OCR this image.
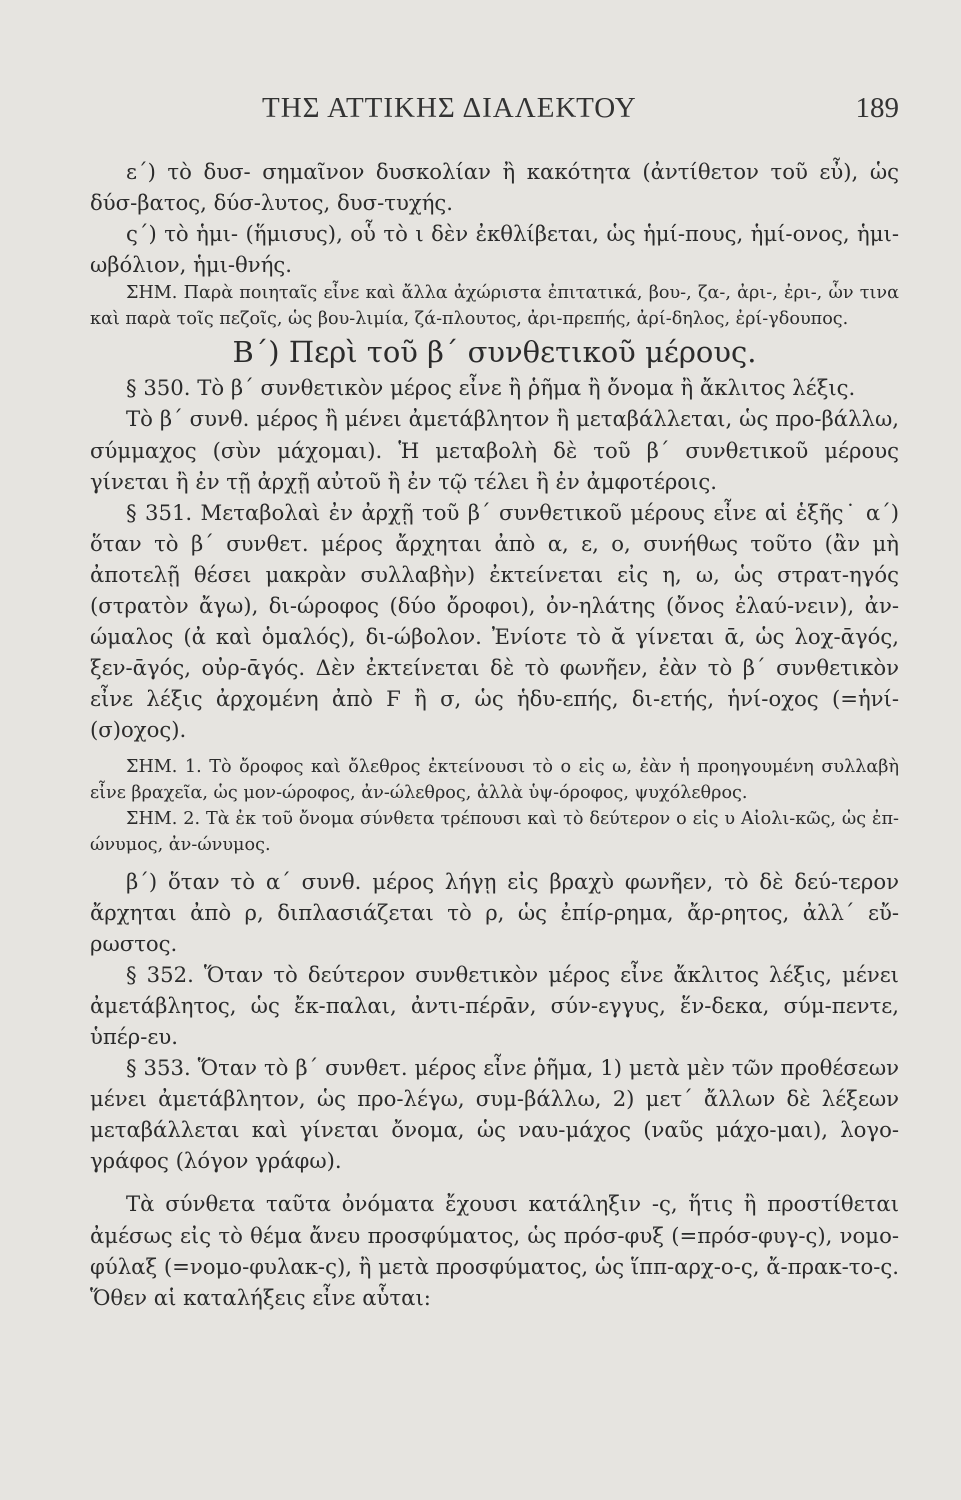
ΤΗΣ ΑΤΤΙΚΗΣ ΔΙΑΛΕΚΤΟΥ	189

ε΄) τὸ δυσ- σημαῖνον δυσκολίαν ἢ κακότητα (ἀντίθετον τοῦ εὖ), ὡς δύσ-βατος, δύσ-λυτος, δυσ-τυχής.

ς΄) τὸ ἡμι- (ἥμισυς), οὗ τὸ ι δὲν ἐκθλίβεται, ὡς ἡμί-πους, ἡμί-ονος, ἡμι-ωβόλιον, ἡμι-θνής.

ΣΗΜ. Παρὰ ποιηταῖς εἶνε καὶ ἄλλα ἀχώριστα ἐπιτατικά, βου-, ζα-, ἀρι-, ἐρι-, ὧν τινα καὶ παρὰ τοῖς πεζοῖς, ὡς βου-λιμία, ζά-πλουτος, ἀρι-πρεπής, ἀρί-δηλος, ἐρί-γδουπος.

Β΄) Περὶ τοῦ β΄ συνθετικοῦ μέρους.

§ 350. Τὸ β΄ συνθετικὸν μέρος εἶνε ἢ ῥῆμα ἢ ὄνομα ἢ ἄκλιτος λέξις.

Τὸ β΄ συνθ. μέρος ἢ μένει ἀμετάβλητον ἢ μεταβάλλεται, ὡς προ-βάλλω, σύμμαχος (σὺν μάχομαι). Ἡ μεταβολὴ δὲ τοῦ β΄ συνθετικοῦ μέρους γίνεται ἢ ἐν τῇ ἀρχῇ αὐτοῦ ἢ ἐν τῷ τέλει ἢ ἐν ἀμφοτέροις.

§ 351. Μεταβολαὶ ἐν ἀρχῇ τοῦ β΄ συνθετικοῦ μέρους εἶνε αἱ ἑξῆς˙ α΄) ὅταν τὸ β΄ συνθετ. μέρος ἄρχηται ἀπὸ α, ε, ο, συνήθως τοῦτο (ἂν μὴ ἀποτελῇ θέσει μακρὰν συλλαβὴν) ἐκτείνεται εἰς η, ω, ὡς στρατ-ηγός (στρατὸν ἄγω), δι-ώροφος (δύο ὄροφοι), ὀν-ηλάτης (ὄνος ἐλαύ-νειν), ἀν-ώμαλος (ἀ καὶ ὁμαλός), δι-ώβολον. Ἐνίοτε τὸ ᾰ γίνεται ᾱ, ὡς λοχ-ᾱγός, ξεν-ᾱγός, οὐρ-ᾱγός. Δὲν ἐκτείνεται δὲ τὸ φωνῆεν, ἐὰν τὸ β΄ συνθετικὸν εἶνε λέξις ἀρχομένη ἀπὸ Ϝ ἢ σ, ὡς ἡδυ-επής, δι-ετής, ἡνί-οχος (=ἡνί-(σ)οχος).

ΣΗΜ. 1. Τὸ ὄροφος καὶ ὄλεθρος ἐκτείνουσι τὸ ο εἰς ω, ἐὰν ἡ προηγουμένη συλλαβὴ εἶνε βραχεῖα, ὡς μον-ώροφος, ἀν-ώλεθρος, ἀλλὰ ὑψ-όροφος, ψυχόλεθρος.

ΣΗΜ. 2. Τὰ ἐκ τοῦ ὄνομα σύνθετα τρέπουσι καὶ τὸ δεύτερον ο εἰς υ Αἰολι-κῶς, ὡς ἐπ-ώνυμος, ἀν-ώνυμος.

β΄) ὅταν τὸ α΄ συνθ. μέρος λήγῃ εἰς βραχὺ φωνῆεν, τὸ δὲ δεύ-τερον ἄρχηται ἀπὸ ρ, διπλασιάζεται τὸ ρ, ὡς ἐπίρ-ρημα, ἄρ-ρητος, ἀλλ΄ εὔ-ρωστος.

§ 352. Ὅταν τὸ δεύτερον συνθετικὸν μέρος εἶνε ἄκλιτος λέξις, μένει ἀμετάβλητος, ὡς ἔκ-παλαι, ἀντι-πέρᾱν, σύν-εγγυς, ἕν-δεκα, σύμ-πεντε, ὑπέρ-ευ.

§ 353. Ὅταν τὸ β΄ συνθετ. μέρος εἶνε ῥῆμα, 1) μετὰ μὲν τῶν προθέσεων μένει ἀμετάβλητον, ὡς προ-λέγω, συμ-βάλλω, 2) μετ΄ ἄλλων δὲ λέξεων μεταβάλλεται καὶ γίνεται ὄνομα, ὡς ναυ-μάχος (ναῦς μάχο-μαι), λογο-γράφος (λόγον γράφω).

Τὰ σύνθετα ταῦτα ὀνόματα ἔχουσι κατάληξιν -ς, ἥτις ἢ προστίθεται ἀμέσως εἰς τὸ θέμα ἄνευ προσφύματος, ὡς πρόσ-φυξ (=πρόσ-φυγ-ς), νομο-φύλαξ (=νομο-φυλακ-ς), ἢ μετὰ προσφύματος, ὡς ἵππ-αρχ-ο-ς, ἄ-πρακ-το-ς. Ὅθεν αἱ καταλήξεις εἶνε αὗται:
